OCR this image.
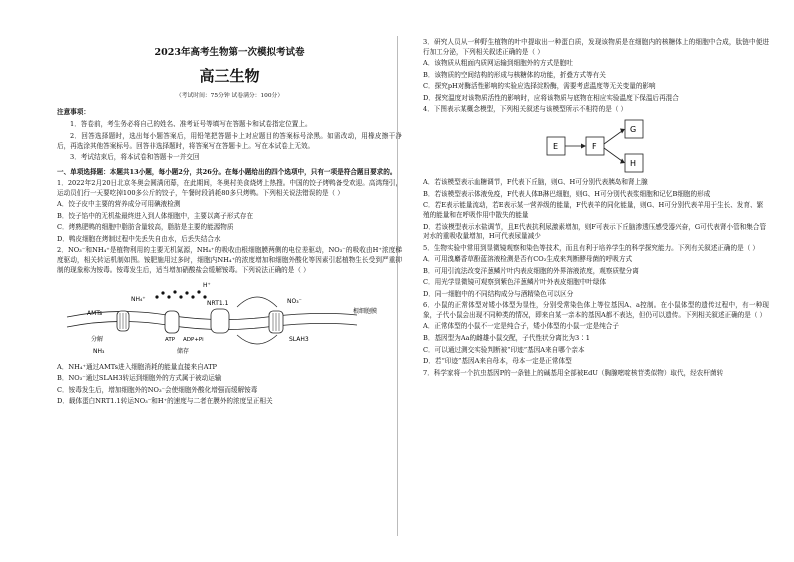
2023年高考生物第一次模拟考试卷
高三生物
（考试时间：75分钟 试卷满分：100分）
注意事项：
1．答卷前，考生务必将自己的姓名、准考证号等填写在答题卡和试卷指定位置上。
2．回答选择题时，选出每小题答案后，用铅笔把答题卡上对应题目的答案标号涂黑。如需改动，用橡皮擦干净后，再选涂其他答案标号。回答非选择题时，将答案写在答题卡上。写在本试卷上无效。
3．考试结束后，将本试卷和答题卡一并交回
一、单项选择题：本题共13小题，每小题2分，共26分。在每小题给出的四个选项中，只有一项是符合题目要求的。
1．2022年2月20日北京冬奥会圆满闭幕，在此期间，冬奥村美食烧烤上热搜。中国的饺子烤鸭备受欢迎。高鸿翔引，运动员们行一天要吃掉100多公斤的饺子，午餐时段消耗80多只烤鸭。下列相关说法错误的是（ ）
A．饺子皮中主要的营养成分可用碘液检测
B．饺子馅中的无机盐最终进入到人体细胞中，主要以离子形式存在
C．烤熟肥鸭的细胞中脂肪含量较高，脂肪是主要的能源物质
D．鸭皮细胞在烤制过程中先丢失自由水，后丢失结合水
2．NO₃⁻和NH₄⁺是植物利用的主要无机氮源，NH₄⁺的吸收由根细胞膜两侧的电位差驱动，NO₃⁻的吸收由H⁺浓度梯度驱动，相关转运机制如图。铵肥施用过多时，细胞内NH₄⁺的浓度增加和细胞外酸化等因素引起植物生长受到严重抑制的现象称为铵毒。铵毒发生后，适当增加硝酸盐会缓解铵毒。下列说法正确的是（ ）
AMTs
NH₄⁺
ATP ADP+Pi
H⁺
NRT1.1	NO₃⁻
SLAH3
根细胞膜
分解
NH₃	储存
A．NH₄⁺通过AMTs进入细胞消耗的能量直接来自ATP
B．NO₃⁻通过SLAH3转运到细胞外的方式属于被动运输
C．铵毒发生后，增加细胞外的NO₃⁻会使细胞外酸化增强而缓解铵毒
D．载体蛋白NRT1.1转运NO₃⁻和H⁺的速度与二者在膜外的浓度呈正相关
3．研究人员从一种野生植物的叶中提取出一种蛋白质，发现该物质是在细胞内的核糖体上的细胞中合成，肽链中便进行加工分泌，下列相关叙述正确的是（ ）
A．该物质从粗面内质网运输到细胞外的方式是胞吐
B．该物质的空间结构的形成与核糖体的功能，折叠方式等有关
C．探究pH对酶活性影响的实验应选择淀粉酶，需要考虑温度等无关变量的影响
D．探究温度对该物质活性的影响时，应将该物质与底物在相应实验温度下保温后再混合
4．下图表示某概念模型，下列相关叙述与该模型所示不相符的是（ ）
E	F
G
H
A．若该模型表示血糖调节，F代表下丘脑，则G、H可分别代表胰岛和肾上腺
B．若该模型表示体液免疫，F代表人体B淋巴细胞，则G、H可分别代表浆细胞和记忆B细胞的形成
C．若E表示能量流动，若E表示某一营养级的能量，F代表羊的同化能量，则G、H可分别代表羊用于生长、发育、繁殖的能量和在呼吸作用中散失的能量
D．若该模型表示水盐调节，且E代表抗利尿激素增加，则F可表示下丘脑渗透压感受器兴奋，G可代表肾小管和集合管对水的重吸收量增加，H可代表尿量减少
5．生物实验中常用到显微镜观察和染色等技术，而且有利于培养学生的科学探究能力。下列有关叙述正确的是（ ）
A．可用溴麝香草酚蓝溶液检测是否有CO₂生成来判断酵母菌的呼吸方式
B．可用引流法改变洋葱鳞片叶内表皮细胞的外界溶液浓度，观察质壁分离
C．用光学显微镜可观察到紫色洋葱鳞片叶外表皮细胞中叶绿体
D．同一细胞中的不同结构成分与酒精染色可以区分
6．小鼠的正常体型对矮小体型为显性，分别受常染色体上等位基因A、a控制。在小鼠体型的遗传过程中，有一种现象，子代小鼠会出现不同种类的情况，即来自某一亲本的基因A都不表达，但仍可以遗传。下列相关叙述正确的是（ ）
A．正常体型的小鼠不一定是纯合子，矮小体型的小鼠一定是纯合子
B．基因型为Aa的雌雄小鼠交配，子代性状分离比为3∶1
C．可以通过测交实验判断被“印迹”基因A来自哪个亲本
D．若“印迹”基因A来自母本，母本一定是正常体型
7．科学家将一个抗虫基因P的一条链上的碱基用全部被EdU（胸腺嘧啶核苷类似物）取代，经农杆菌转
